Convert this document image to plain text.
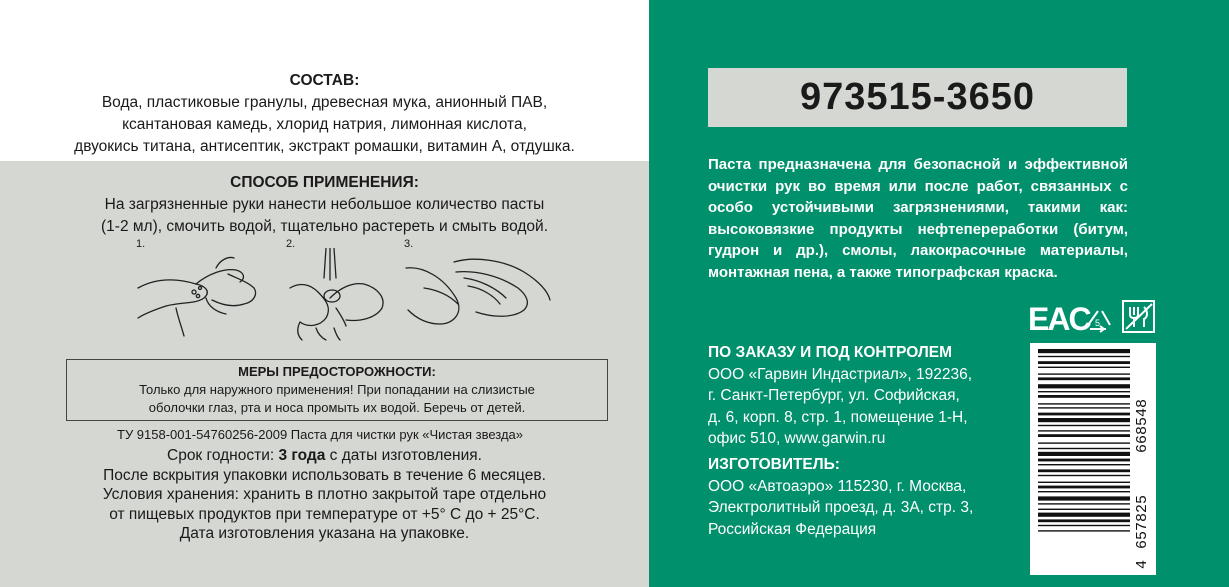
СОСТАВ:
Вода, пластиковые гранулы, древесная мука, анионный ПАВ,
ксантановая камедь, хлорид натрия, лимонная кислота,
двуокись титана, антисептик, экстракт ромашки, витамин А, отдушка.
СПОСОБ ПРИМЕНЕНИЯ:
На загрязненные руки нанести небольшое количество пасты
(1-2 мл), смочить водой, тщательно растереть и смыть водой.
1.	2.	3.
МЕРЫ ПРЕДОСТОРОЖНОСТИ:
Только для наружного применения! При попадании на слизистые
оболочки глаз, рта и носа промыть их водой. Беречь от детей.
ТУ 9158-001-54760256-2009 Паста для чистки рук «Чистая звезда»
Срок годности: 3 года с даты изготовления.
После вскрытия упаковки использовать в течение 6 месяцев.
Условия хранения: хранить в плотно закрытой таре отдельно
от пищевых продуктов при температуре от +5° С до + 25°С.
Дата изготовления указана на упаковке.
973515-3650
Паста предназначена для безопасной и эффективной очистки рук во время или после работ, связанных с особо устойчивыми загрязнениями, такими как: высоковязкие продукты нефтепереработки (битум, гудрон и др.), смолы, лакокрасочные материалы, монтажная пена, а также типографская краска.
EAC 5
4
657825
668548
ПО ЗАКАЗУ И ПОД КОНТРОЛЕМ
ООО «Гарвин Индастриал», 192236,
г. Санкт-Петербург, ул. Софийская,
д. 6, корп. 8, стр. 1, помещение 1-Н,
офис 510, www.garwin.ru
ИЗГОТОВИТЕЛЬ:
ООО «Автоаэро» 115230, г. Москва,
Электролитный проезд, д. 3А, стр. 3,
Российская Федерация
